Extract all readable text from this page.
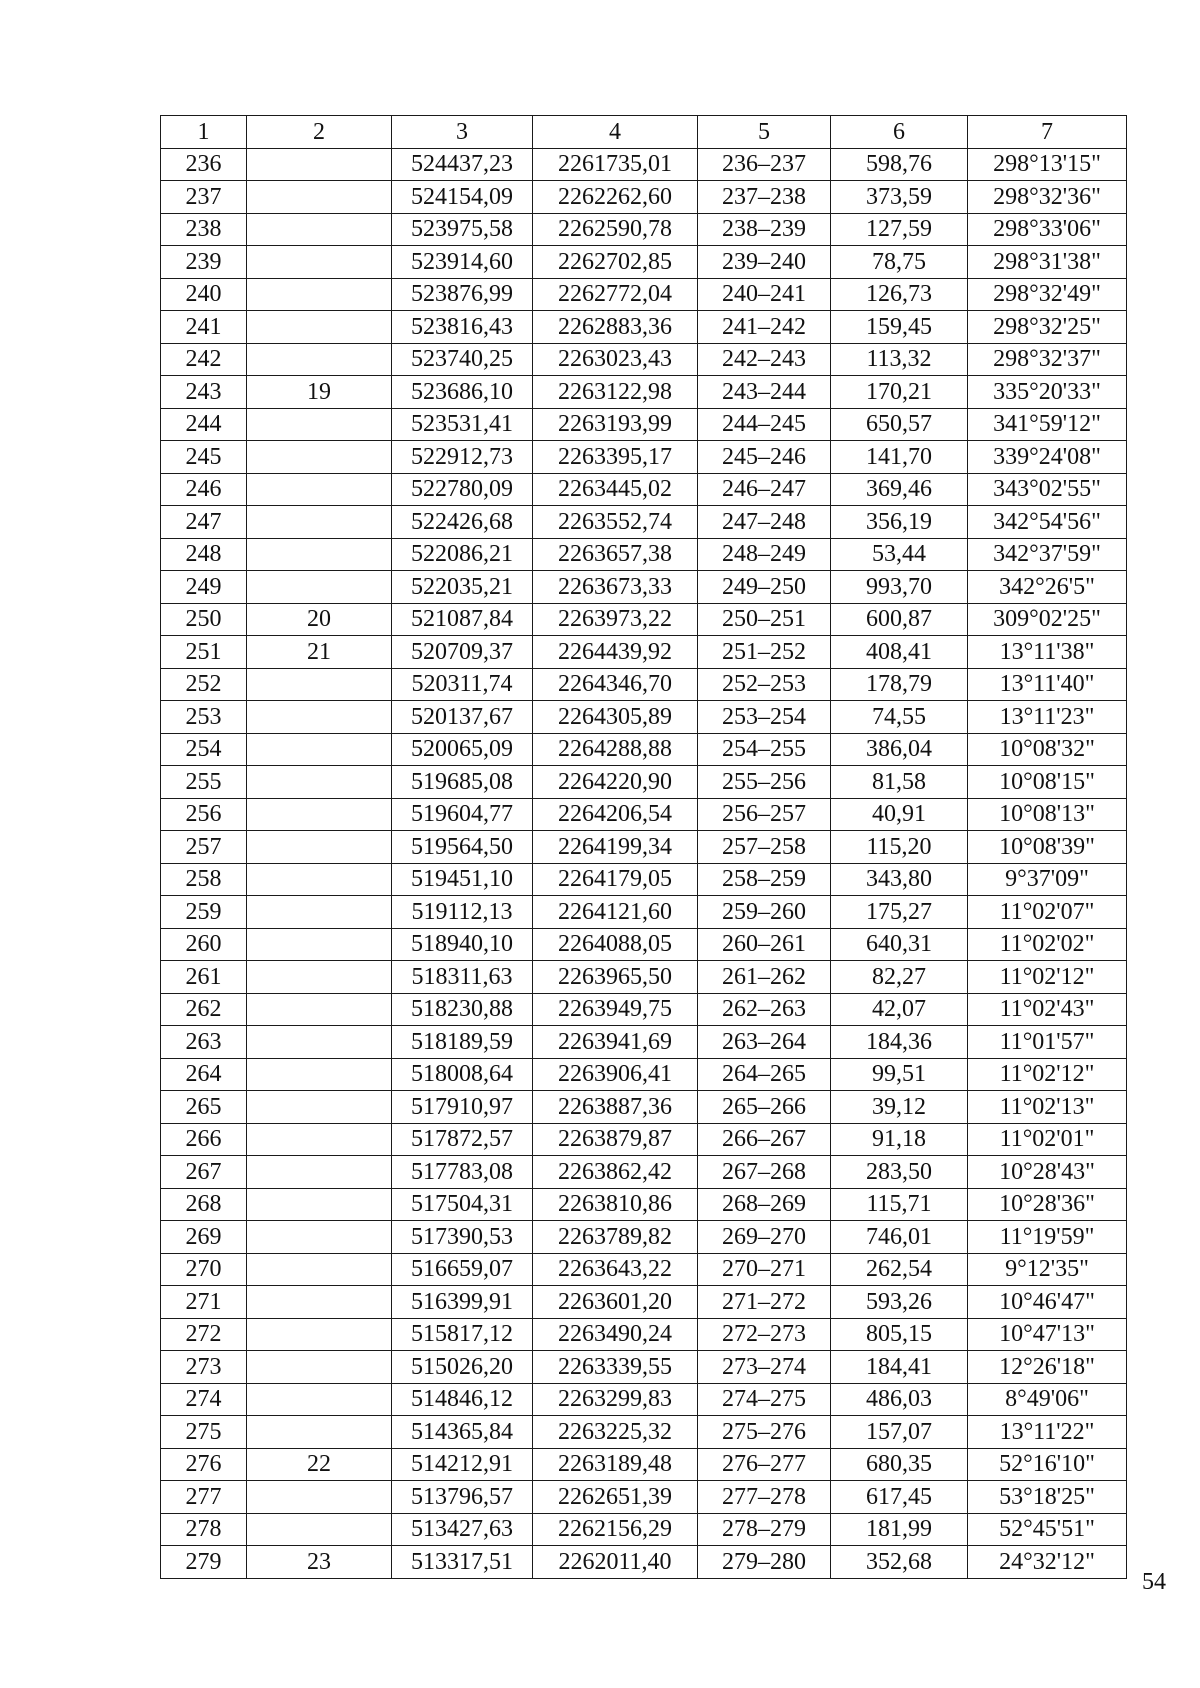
1	2	3	4	5	6	7
236		524437,23	2261735,01	236–237	598,76	298°13'15"
237		524154,09	2262262,60	237–238	373,59	298°32'36"
238		523975,58	2262590,78	238–239	127,59	298°33'06"
239		523914,60	2262702,85	239–240	78,75	298°31'38"
240		523876,99	2262772,04	240–241	126,73	298°32'49"
241		523816,43	2262883,36	241–242	159,45	298°32'25"
242		523740,25	2263023,43	242–243	113,32	298°32'37"
243	19	523686,10	2263122,98	243–244	170,21	335°20'33"
244		523531,41	2263193,99	244–245	650,57	341°59'12"
245		522912,73	2263395,17	245–246	141,70	339°24'08"
246		522780,09	2263445,02	246–247	369,46	343°02'55"
247		522426,68	2263552,74	247–248	356,19	342°54'56"
248		522086,21	2263657,38	248–249	53,44	342°37'59"
249		522035,21	2263673,33	249–250	993,70	342°26'5"
250	20	521087,84	2263973,22	250–251	600,87	309°02'25"
251	21	520709,37	2264439,92	251–252	408,41	13°11'38"
252		520311,74	2264346,70	252–253	178,79	13°11'40"
253		520137,67	2264305,89	253–254	74,55	13°11'23"
254		520065,09	2264288,88	254–255	386,04	10°08'32"
255		519685,08	2264220,90	255–256	81,58	10°08'15"
256		519604,77	2264206,54	256–257	40,91	10°08'13"
257		519564,50	2264199,34	257–258	115,20	10°08'39"
258		519451,10	2264179,05	258–259	343,80	9°37'09"
259		519112,13	2264121,60	259–260	175,27	11°02'07"
260		518940,10	2264088,05	260–261	640,31	11°02'02"
261		518311,63	2263965,50	261–262	82,27	11°02'12"
262		518230,88	2263949,75	262–263	42,07	11°02'43"
263		518189,59	2263941,69	263–264	184,36	11°01'57"
264		518008,64	2263906,41	264–265	99,51	11°02'12"
265		517910,97	2263887,36	265–266	39,12	11°02'13"
266		517872,57	2263879,87	266–267	91,18	11°02'01"
267		517783,08	2263862,42	267–268	283,50	10°28'43"
268		517504,31	2263810,86	268–269	115,71	10°28'36"
269		517390,53	2263789,82	269–270	746,01	11°19'59"
270		516659,07	2263643,22	270–271	262,54	9°12'35"
271		516399,91	2263601,20	271–272	593,26	10°46'47"
272		515817,12	2263490,24	272–273	805,15	10°47'13"
273		515026,20	2263339,55	273–274	184,41	12°26'18"
274		514846,12	2263299,83	274–275	486,03	8°49'06"
275		514365,84	2263225,32	275–276	157,07	13°11'22"
276	22	514212,91	2263189,48	276–277	680,35	52°16'10"
277		513796,57	2262651,39	277–278	617,45	53°18'25"
278		513427,63	2262156,29	278–279	181,99	52°45'51"
279	23	513317,51	2262011,40	279–280	352,68	24°32'12"
54
